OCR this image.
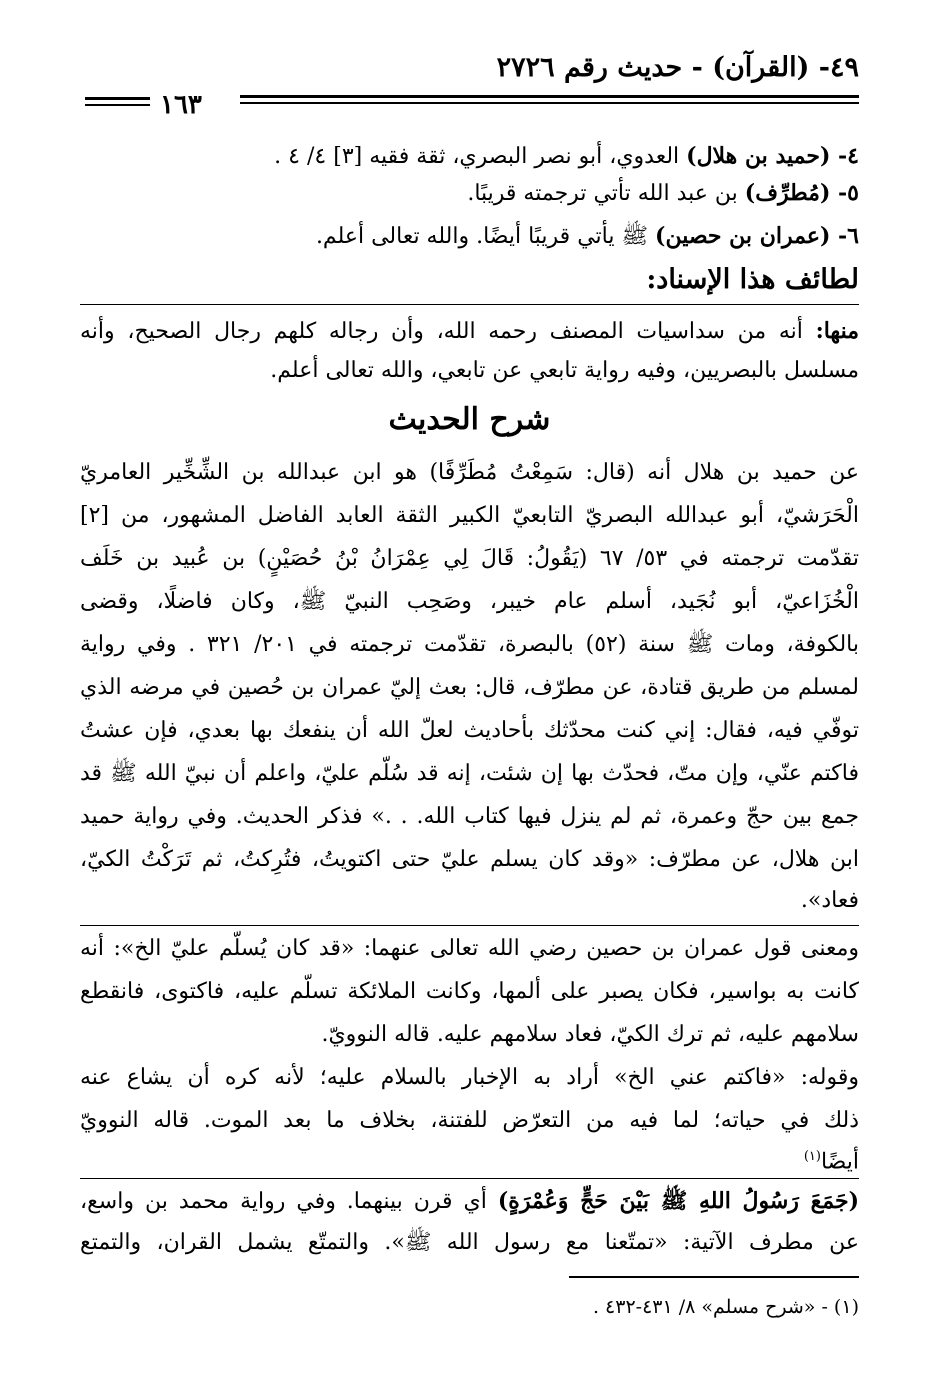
٤٩- (القرآن) - حديث رقم ٢٧٢٦
١٦٣
٤- (حميد بن هلال) العدوي، أبو نصر البصري، ثقة فقيه [٣] ٤/ ٤ .
٥- (مُطرِّف) بن عبد الله تأتي ترجمته قريبًا.
٦- (عمران بن حصين) ﷺ يأتي قريبًا أيضًا. والله تعالى أعلم.
لطائف هذا الإسناد:
منها: أنه من سداسيات المصنف رحمه الله، وأن رجاله كلهم رجال الصحيح، وأنه
مسلسل بالبصريين، وفيه رواية تابعي عن تابعي، والله تعالى أعلم.
شرح الحديث
عن حميد بن هلال أنه (قال: سَمِعْتُ مُطَرِّفًا) هو ابن عبدالله بن الشِّخِّير العامريّ
الْحَرَشيّ، أبو عبدالله البصريّ التابعيّ الكبير الثقة العابد الفاضل المشهور، من [٢]
تقدّمت ترجمته في ٥٣/ ٦٧ (يَقُولُ: قَالَ لِي عِمْرَانُ بْنُ حُصَيْنٍ) بن عُبيد بن خَلَف
الْخُزَاعيّ، أبو نُجَيد، أسلم عام خيبر، وصَحِب النبيّ ﷺ، وكان فاضلًا، وقضى
بالكوفة، ومات ﷺ سنة (٥٢) بالبصرة، تقدّمت ترجمته في ٢٠١/ ٣٢١ . وفي رواية
لمسلم من طريق قتادة، عن مطرّف، قال: بعث إليّ عمران بن حُصين في مرضه الذي
توفّي فيه، فقال: إني كنت محدّثك بأحاديث لعلّ الله أن ينفعك بها بعدي، فإن عشتُ
فاكتم عنّي، وإن متّ، فحدّث بها إن شئت، إنه قد سُلّم عليّ، واعلم أن نبيّ الله ﷺ قد
جمع بين حجّ وعمرة، ثم لم ينزل فيها كتاب الله. . .» فذكر الحديث. وفي رواية حميد
ابن هلال، عن مطرّف: «وقد كان يسلم عليّ حتى اكتويتُ، فتُرِكتُ، ثم تَرَكْتُ الكيّ،
فعاد».
ومعنى قول عمران بن حصين رضي الله تعالى عنهما: «قد كان يُسلّم عليّ الخ»: أنه
كانت به بواسير، فكان يصبر على ألمها، وكانت الملائكة تسلّم عليه، فاكتوى، فانقطع
سلامهم عليه، ثم ترك الكيّ، فعاد سلامهم عليه. قاله النوويّ.
وقوله: «فاكتم عني الخ» أراد به الإخبار بالسلام عليه؛ لأنه كره أن يشاع عنه
ذلك في حياته؛ لما فيه من التعرّض للفتنة، بخلاف ما بعد الموت. قاله النوويّ
أيضًا$^{(١)}$
(جَمَعَ رَسُولُ اللهِ ﷺ بَيْنَ حَجٍّ وَعُمْرَةٍ) أي قرن بينهما. وفي رواية محمد بن واسع،
عن مطرف الآتية: «تمتّعنا مع رسول الله ﷺ». والتمتّع يشمل القران، والتمتع
(١) - «شرح مسلم» ٨/ ٤٣١-٤٣٢ .
